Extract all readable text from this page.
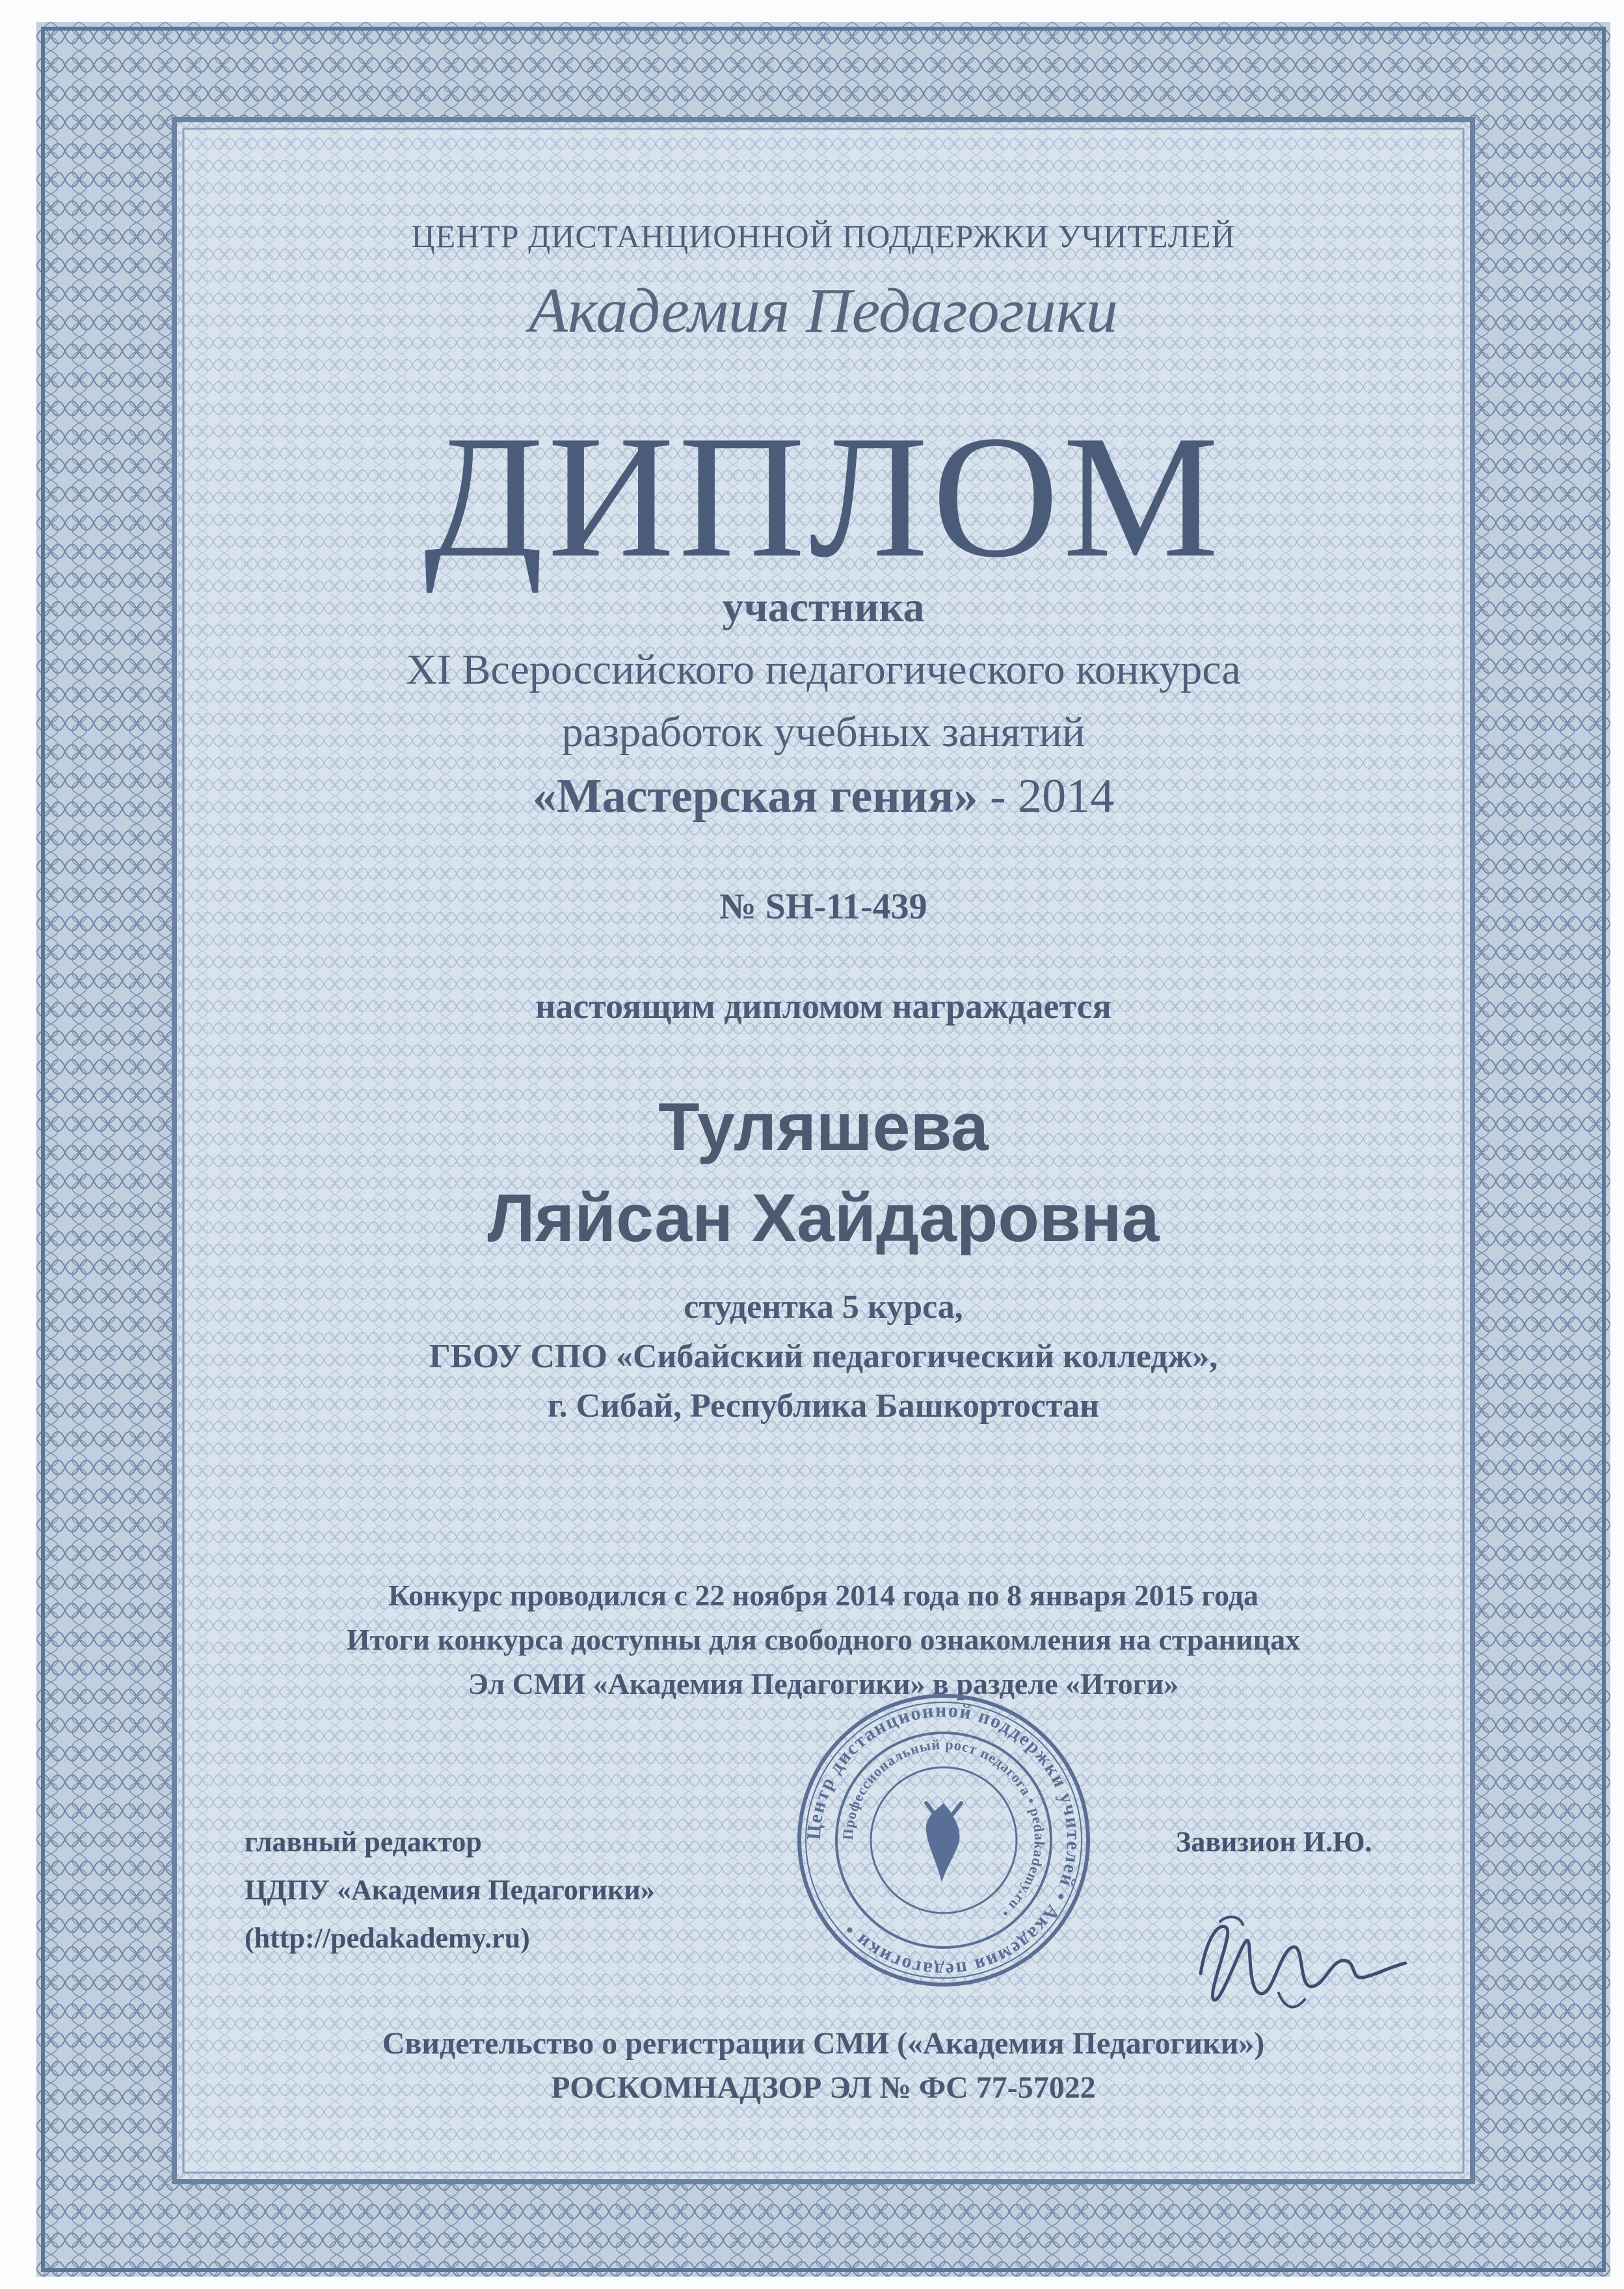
ЦЕНТР ДИСТАНЦИОННОЙ ПОДДЕРЖКИ УЧИТЕЛЕЙ
Академия Педагогики
ДИПЛОМ
участника
XI Всероссийского педагогического конкурса
разработок учебных занятий
«Мастерская гения» - 2014
№ SH-11-439
настоящим дипломом награждается
Туляшева
Ляйсан Хайдаровна
студентка 5 курса,
ГБОУ СПО «Сибайский педагогический колледж»,
г. Сибай, Республика Башкортостан
Конкурс проводился с 22 ноября 2014 года по 8 января 2015 года
Итоги конкурса доступны для свободного ознакомления на страницах
Эл СМИ «Академия Педагогики» в разделе «Итоги»
главный редактор
ЦДПУ «Академия Педагогики»
(http://pedakademy.ru)
Завизион И.Ю.
Центр дистанционной поддержки учителей • Академия педагогики •
Профессиональный рост педагога • pedakademy.ru •
Свидетельство о регистрации СМИ («Академия Педагогики»)
РОСКОМНАДЗОР ЭЛ № ФС 77-57022
